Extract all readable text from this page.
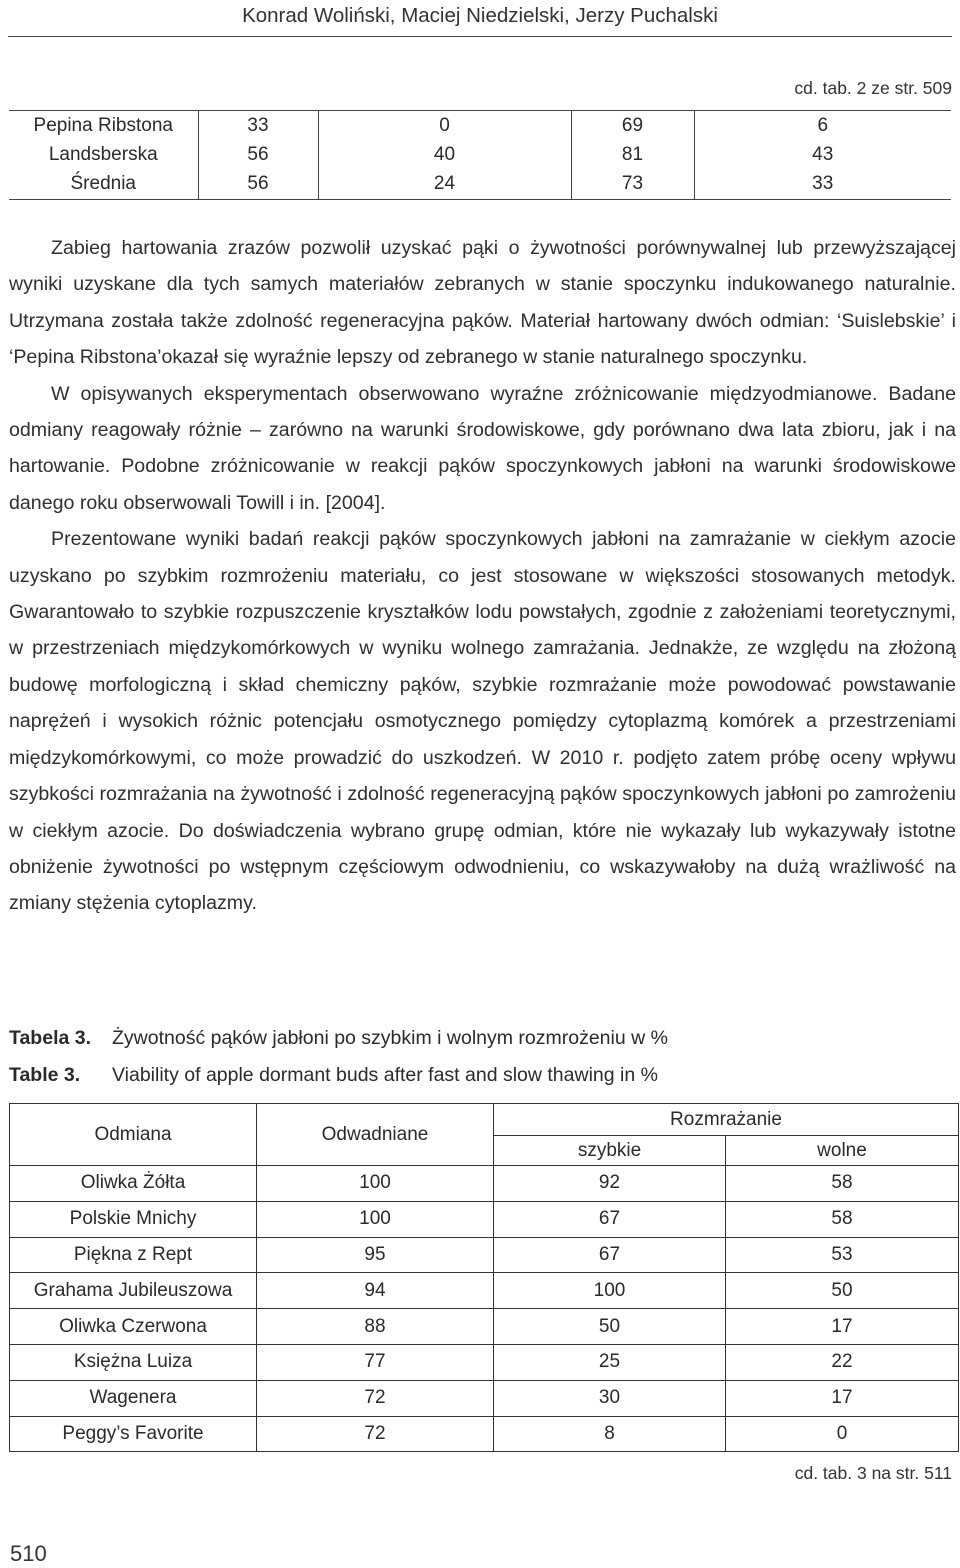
Konrad Woliński, Maciej Niedzielski, Jerzy Puchalski
cd. tab. 2 ze str. 509
Pepina Ribstona	33	0	69	6
Landsberska	56	40	81	43
Średnia	56	24	73	33

Zabieg hartowania zrazów pozwolił uzyskać pąki o żywotności porównywalnej lub przewyższającej wyniki uzyskane dla tych samych materiałów zebranych w stanie spoczynku indukowanego naturalnie. Utrzymana została także zdolność regeneracyjna pąków. Materiał hartowany dwóch odmian: ‘Suislebskie’ i ‘Pepina Ribstona’okazał się wyraźnie lepszy od zebranego w stanie naturalnego spoczynku.

W opisywanych eksperymentach obserwowano wyraźne zróżnicowanie międzyodmianowe. Badane odmiany reagowały różnie – zarówno na warunki środowiskowe, gdy porównano dwa lata zbioru, jak i na hartowanie. Podobne zróżnicowanie w reakcji pąków spoczynkowych jabłoni na warunki środowiskowe danego roku obserwowali Towill i in. [2004].

Prezentowane wyniki badań reakcji pąków spoczynkowych jabłoni na zamrażanie w ciekłym azocie uzyskano po szybkim rozmrożeniu materiału, co jest stosowane w większości stosowanych metodyk. Gwarantowało to szybkie rozpuszczenie kryształków lodu powstałych, zgodnie z założeniami teoretycznymi, w przestrzeniach międzykomórkowych w wyniku wolnego zamrażania. Jednakże, ze względu na złożoną budowę morfologiczną i skład chemiczny pąków, szybkie rozmrażanie może powodować powstawanie naprężeń i wysokich różnic potencjału osmotycznego pomiędzy cytoplazmą komórek a przestrzeniami międzykomórkowymi, co może prowadzić do uszkodzeń. W 2010 r. podjęto zatem próbę oceny wpływu szybkości rozmrażania na żywotność i zdolność regeneracyjną pąków spoczynkowych jabłoni po zamrożeniu w ciekłym azocie. Do doświadczenia wybrano grupę odmian, które nie wykazały lub wykazywały istotne obniżenie żywotności po wstępnym częściowym odwodnieniu, co wskazywałoby na dużą wrażliwość na zmiany stężenia cytoplazmy.

Tabela 3. Żywotność pąków jabłoni po szybkim i wolnym rozmrożeniu w %
Table 3. Viability of apple dormant buds after fast and slow thawing in %
Odmiana	Odwadniane	Rozmrażanie	
		szybkie	wolne
Oliwka Żółta	100	92	58
Polskie Mnichy	100	67	58
Piękna z Rept	95	67	53
Grahama Jubileuszowa	94	100	50
Oliwka Czerwona	88	50	17
Księżna Luiza	77	25	22
Wagenera	72	30	17
Peggy’s Favorite	72	8	0
cd. tab. 3 na str. 511
510
